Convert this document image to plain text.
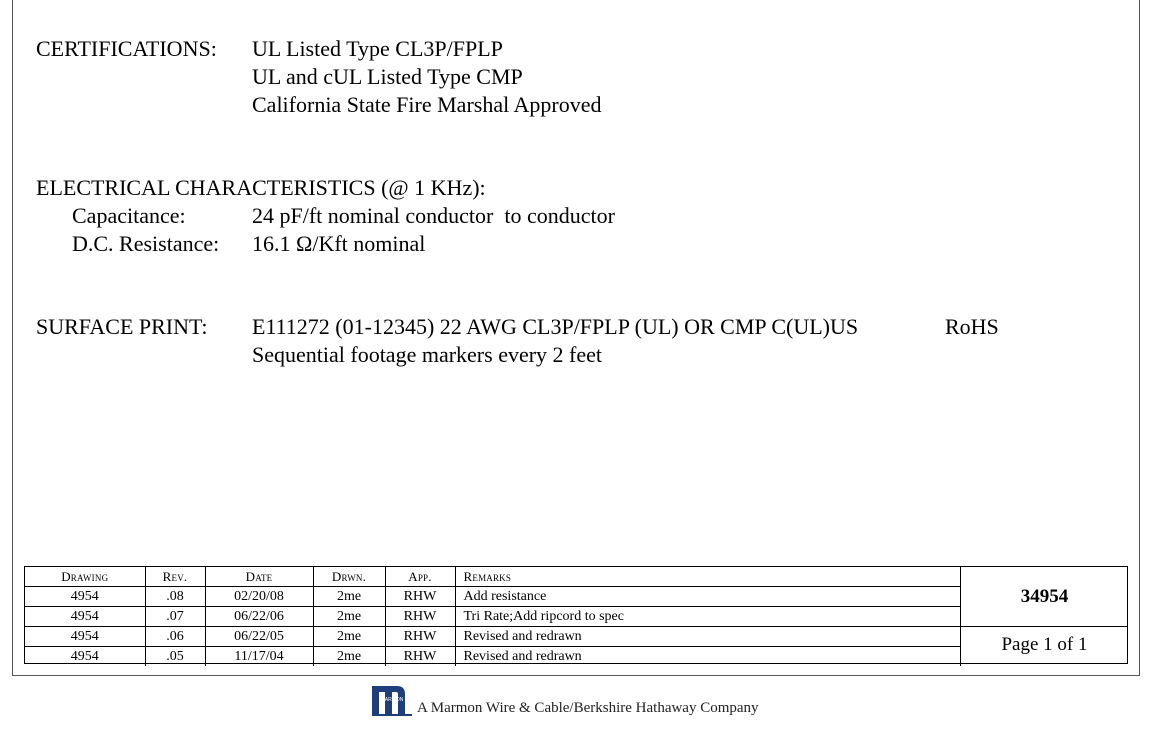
CERTIFICATIONS: UL Listed Type CL3P/FPLP
UL and cUL Listed Type CMP
California State Fire Marshal Approved
ELECTRICAL CHARACTERISTICS (@ 1 KHz):
Capacitance:	24 pF/ft nominal conductor  to conductor
D.C. Resistance: 16.1 Ω/Kft nominal
SURFACE PRINT: E111272 (01-12345) 22 AWG CL3P/FPLP (UL) OR CMP C(UL)US	RoHS
Sequential footage markers every 2 feet
Drawing	Rev.	Date	Drwn.	App.	Remarks
4954	.08	02/20/08	2me	RHW	Add resistance
4954	.07	06/22/06	2me	RHW	Tri Rate;Add ripcord to spec
4954	.06	06/22/05	2me	RHW	Revised and redrawn
4954	.05	11/17/04	2me	RHW	Revised and redrawn
34954
Page 1 of 1
MARMON A Marmon Wire & Cable/Berkshire Hathaway Company
